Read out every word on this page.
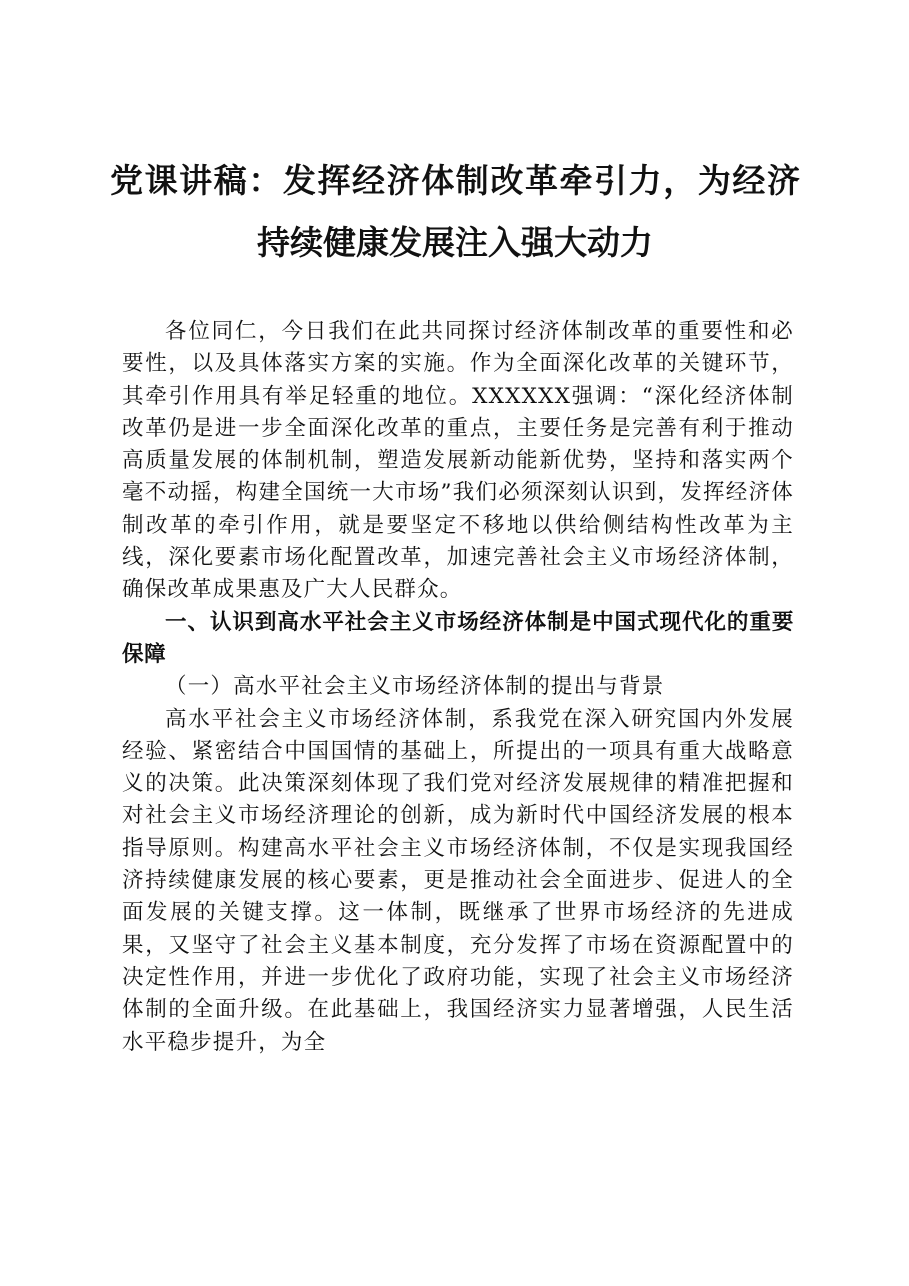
党课讲稿：发挥经济体制改革牵引力，为经济持续健康发展注入强大动力

各位同仁，今日我们在此共同探讨经济体制改革的重要性和必要性，以及具体落实方案的实施。作为全面深化改革的关键环节，其牵引作用具有举足轻重的地位。XXXXXX强调：“深化经济体制改革仍是进一步全面深化改革的重点，主要任务是完善有利于推动高质量发展的体制机制，塑造发展新动能新优势，坚持和落实两个毫不动摇，构建全国统一大市场”我们必须深刻认识到，发挥经济体制改革的牵引作用，就是要坚定不移地以供给侧结构性改革为主线，深化要素市场化配置改革，加速完善社会主义市场经济体制，确保改革成果惠及广大人民群众。

一、认识到高水平社会主义市场经济体制是中国式现代化的重要保障

（一）高水平社会主义市场经济体制的提出与背景

高水平社会主义市场经济体制，系我党在深入研究国内外发展经验、紧密结合中国国情的基础上，所提出的一项具有重大战略意义的决策。此决策深刻体现了我们党对经济发展规律的精准把握和对社会主义市场经济理论的创新，成为新时代中国经济发展的根本指导原则。构建高水平社会主义市场经济体制，不仅是实现我国经济持续健康发展的核心要素，更是推动社会全面进步、促进人的全面发展的关键支撑。这一体制，既继承了世界市场经济的先进成果，又坚守了社会主义基本制度，充分发挥了市场在资源配置中的决定性作用，并进一步优化了政府功能，实现了社会主义市场经济体制的全面升级。在此基础上，我国经济实力显著增强，人民生活水平稳步提升，为全
